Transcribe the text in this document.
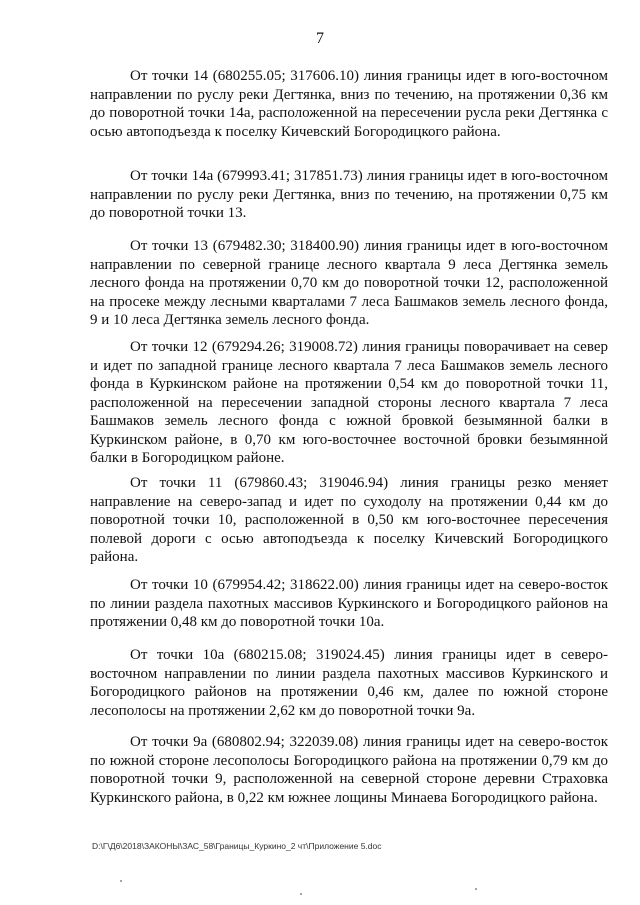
7

От точки 14 (680255.05; 317606.10) линия границы идет в юго-восточном направлении по руслу реки Дегтянка, вниз по течению, на протяжении 0,36 км до поворотной точки 14а, расположенной на пересечении русла реки Дегтянка с осью автоподъезда к поселку Кичевский Богородицкого района.

От точки 14а (679993.41; 317851.73) линия границы идет в юго-восточном направлении по руслу реки Дегтянка, вниз по течению, на протяжении 0,75 км до поворотной точки 13.

От точки 13 (679482.30; 318400.90) линия границы идет в юго-восточном направлении по северной границе лесного квартала 9 леса Дегтянка земель лесного фонда на протяжении 0,70 км до поворотной точки 12, расположенной на просеке между лесными кварталами 7 леса Башмаков земель лесного фонда, 9 и 10 леса Дегтянка земель лесного фонда.

От точки 12 (679294.26; 319008.72) линия границы поворачивает на север и идет по западной границе лесного квартала 7 леса Башмаков земель лесного фонда в Куркинском районе на протяжении 0,54 км до поворотной точки 11, расположенной на пересечении западной стороны лесного квартала 7 леса Башмаков земель лесного фонда с южной бровкой безымянной балки в Куркинском районе, в 0,70 км юго-восточнее восточной бровки безымянной балки в Богородицком районе.

От точки 11 (679860.43; 319046.94) линия границы резко меняет направление на северо-запад и идет по суходолу на протяжении 0,44 км до поворотной точки 10, расположенной в 0,50 км юго-восточнее пересечения полевой дороги с осью автоподъезда к поселку Кичевский Богородицкого района.

От точки 10 (679954.42; 318622.00) линия границы идет на северо-восток по линии раздела пахотных массивов Куркинского и Богородицкого районов на протяжении 0,48 км до поворотной точки 10а.

От точки 10а (680215.08; 319024.45) линия границы идет в северо-восточном направлении по линии раздела пахотных массивов Куркинского и Богородицкого районов на протяжении 0,46 км, далее по южной стороне лесополосы на протяжении 2,62 км до поворотной точки 9а.

От точки 9а (680802.94; 322039.08) линия границы идет на северо-восток по южной стороне лесополосы Богородицкого района на протяжении 0,79 км до поворотной точки 9, расположенной на северной стороне деревни Страховка Куркинского района, в 0,22 км южнее лощины Минаева Богородицкого района.

D:\Г\Д6\2018\ЗАКОНЫ\ЗАС_58\Границы_Куркино_2 чт\Приложение 5.doc
